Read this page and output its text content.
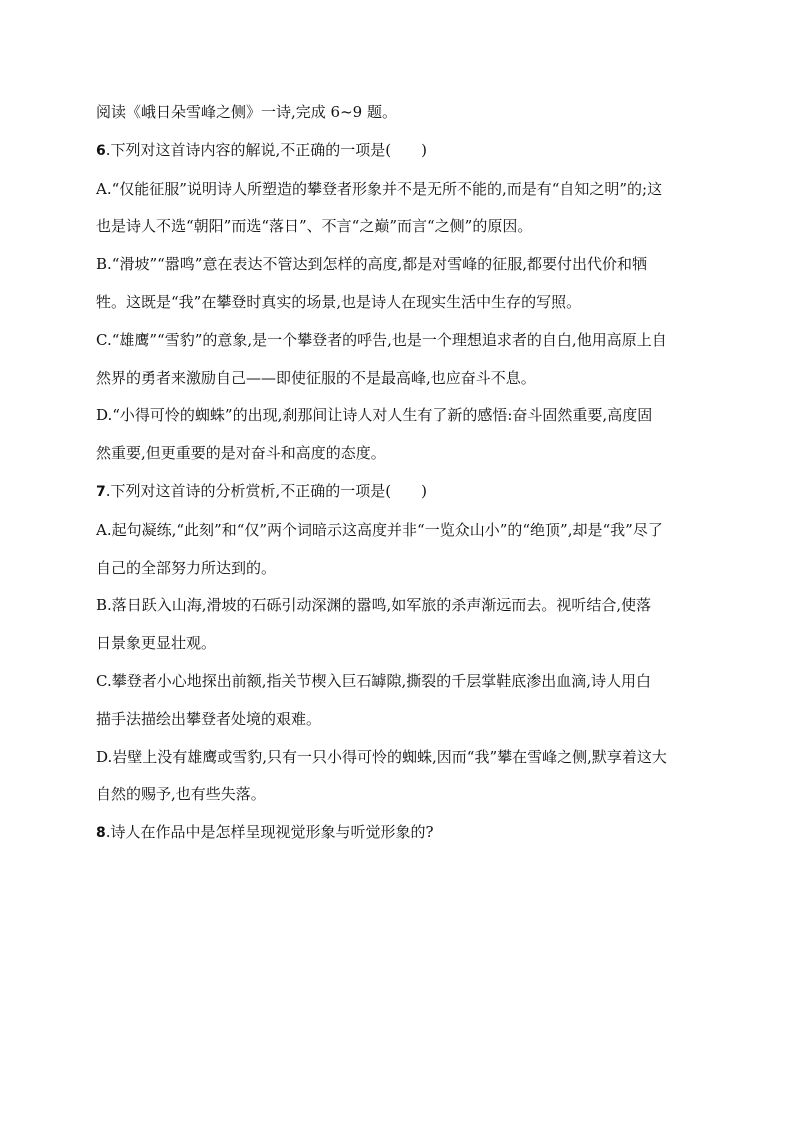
阅读《峨日朵雪峰之侧》一诗,完成 6~9 题。
6.下列对这首诗内容的解说,不正确的一项是( )
A.“仅能征服”说明诗人所塑造的攀登者形象并不是无所不能的,而是有“自知之明”的;这
也是诗人不选“朝阳”而选“落日”、不言“之巅”而言“之侧”的原因。
B.“滑坡”“嚣鸣”意在表达不管达到怎样的高度,都是对雪峰的征服,都要付出代价和牺
牲。这既是“我”在攀登时真实的场景,也是诗人在现实生活中生存的写照。
C.“雄鹰”“雪豹”的意象,是一个攀登者的呼告,也是一个理想追求者的自白,他用高原上自
然界的勇者来激励自己——即使征服的不是最高峰,也应奋斗不息。
D.“小得可怜的蜘蛛”的出现,刹那间让诗人对人生有了新的感悟:奋斗固然重要,高度固
然重要,但更重要的是对奋斗和高度的态度。
7.下列对这首诗的分析赏析,不正确的一项是( )
A.起句凝练,“此刻”和“仅”两个词暗示这高度并非“一览众山小”的“绝顶”,却是“我”尽了
自己的全部努力所达到的。
B.落日跃入山海,滑坡的石砾引动深渊的嚣鸣,如军旅的杀声渐远而去。视听结合,使落
日景象更显壮观。
C.攀登者小心地探出前额,指关节楔入巨石罅隙,撕裂的千层掌鞋底渗出血滴,诗人用白
描手法描绘出攀登者处境的艰难。
D.岩壁上没有雄鹰或雪豹,只有一只小得可怜的蜘蛛,因而“我”攀在雪峰之侧,默享着这大
自然的赐予,也有些失落。
8.诗人在作品中是怎样呈现视觉形象与听觉形象的?
